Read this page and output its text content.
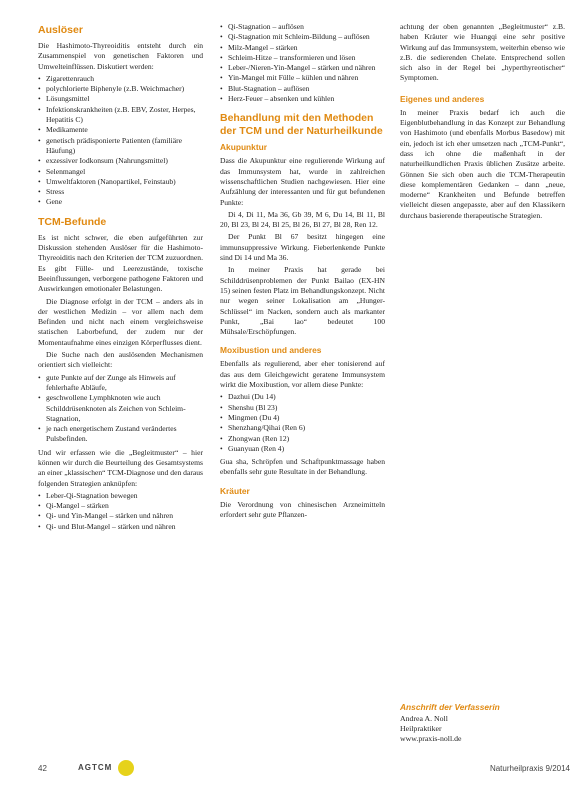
Auslöser

Die Hashimoto-Thyreoiditis entsteht durch ein Zusammenspiel von genetischen Faktoren und Umwelteinflüssen. Diskutiert werden:

• Zigarettenrauch
• polychlorierte Biphenyle (z.B. Weichmacher)
• Lösungsmittel
• Infektionskrankheiten (z.B. EBV, Zoster, Herpes, Hepatitis C)
• Medikamente
• genetisch prädisponierte Patienten (familiäre Häufung)
• exzessiver Iodkonsum (Nahrungsmittel)
• Selenmangel
• Umweltfaktoren (Nanopartikel, Feinstaub)
• Stress
• Gene
TCM-Befunde

Es ist nicht schwer, die eben aufgeführten zur Diskussion stehenden Auslöser für die Hashimoto-Thyreoiditis nach den Kriterien der TCM zuzuordnen. Es gibt Fülle- und Leerezustände, toxische Beeinflussungen, verborgene pathogene Faktoren und Auswirkungen emotionaler Belastungen.

Die Diagnose erfolgt in der TCM – anders als in der westlichen Medizin – vor allem nach dem Befinden und nicht nach einem vergleichsweise statischen Laborbefund, der zudem nur der Momentaufnahme eines einzigen Körperflusses dient.

Die Suche nach den auslösenden Mechanismen orientiert sich vielleicht:

• gute Punkte auf der Zunge als Hinweis auf fehlerhafte Abläufe,
• geschwollene Lymphknoten wie auch Schilddrüsenknoten als Zeichen von Schleim-Stagnation,
• je nach energetischem Zustand verändertes Pulsbefinden.

Und wir erfassen wie die „Begleitmuster“ – hier können wir durch die Beurteilung des Gesamtsystems an einer „klassischen“ TCM-Diagnose und den daraus folgenden Strategien anknüpfen:

• Leber-Qi-Stagnation bewegen
• Qi-Mangel – stärken
• Qi- und Yin-Mangel – stärken und nähren
• Qi- und Blut-Mangel – stärken und nähren
• Qi-Stagnation – auflösen
• Qi-Stagnation mit Schleim-Bildung – auflösen
• Milz-Mangel – stärken
• Schleim-Hitze – transformieren und lösen
• Leber-/Nieren-Yin-Mangel – stärken und nähren
• Yin-Mangel mit Fülle – kühlen und nähren
• Blut-Stagnation – auflösen
• Herz-Feuer – absenken und kühlen
Behandlung mit den Methoden der TCM und der Naturheilkunde
Akupunktur

Dass die Akupunktur eine regulierende Wirkung auf das Immunsystem hat, wurde in zahlreichen wissenschaftlichen Studien nachgewiesen. Hier eine Aufzählung der interessanten und für gut befundenen Punkte:

Di 4, Di 11, Ma 36, Gb 39, M 6, Du 14, Bl 11, Bl 20, Bl 23, Bl 24, Bl 25, Bl 26, Bl 27, Bl 28, Ren 12.

Der Punkt Bl 67 besitzt hingegen eine immunsuppressive Wirkung. Fieberlenkende Punkte sind Di 14 und Ma 36.

In meiner Praxis hat gerade bei Schilddrüsenproblemen der Punkt Bailao (EX-HN 15) seinen festen Platz im Behandlungskonzept. Nicht nur wegen seiner Lokalisation am „Hunger-Schlüssel“ im Nacken, sondern auch als markanter Punkt, „Bai lao“ bedeutet 100 Mühsale/Erschöpfungen.

Moxibustion und anderes

Ebenfalls als regulierend, aber eher tonisierend auf das aus dem Gleichgewicht geratene Immunsystem wirkt die Moxibustion, vor allem diese Punkte:

• Dazhui (Du 14)
• Shenshu (Bl 23)
• Mingmen (Du 4)
• Shenzhang/Qihai (Ren 6)
• Zhongwan (Ren 12)
• Guanyuan (Ren 4)

Gua sha, Schröpfen und Schaftpunktmassage haben ebenfalls sehr gute Resultate in der Behandlung.

Kräuter

Die Verordnung von chinesischen Arzneimitteln erfordert sehr gute Pflanzen-

achtung der oben genannten „Begleitmuster“ z.B. haben Kräuter wie Huangqi eine sehr positive Wirkung auf das Immunsystem, weiterhin ebenso wie z.B. die sedierenden Chelate. Entsprechend sollen sich also in der Regel bei „hyperthyreotischer“ Symptomen.

Eigenes und anderes

In meiner Praxis bedarf ich auch die Eigenblutbehandlung in das Konzept zur Behandlung von Hashimoto (und ebenfalls Morbus Basedow) mit ein, jedoch ist ich eher umsetzen nach „TCM-Punkt“, dass ich ohne die maßenhaft in der naturheilkundlichen Praxis üblichen Zusätze arbeite. Gönnen Sie sich oben auch die TCM-Therapeutin diese komplementären Gedanken – dann „neue, moderne“ Krankheiten und Befunde betreffen vielleicht diesen angepasste, aber auf den Klassikern durchaus basierende therapeutische Strategien.

Anschrift der Verfasserin
Andrea A. Noll
Heilpraktiker
www.praxis-noll.de
42	AGTCM	Naturheilpraxis 9/2014
